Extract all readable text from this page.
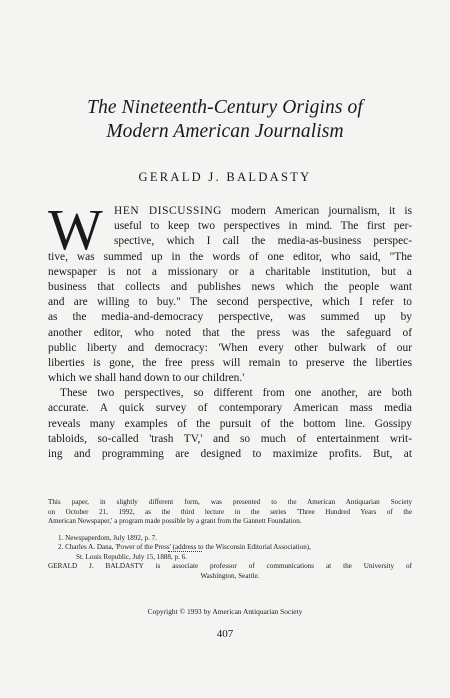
The Nineteenth-Century Origins of
Modern American Journalism
GERALD J. BALDASTY
W HEN DISCUSSING modern American journalism, it is
useful to keep two perspectives in mind. The first per-
spective, which I call the media-as-business perspec-
tive, was summed up in the words of one editor, who said, "The
newspaper is not a missionary or a charitable institution, but a
business that collects and publishes news which the people want
and are willing to buy." The second perspective, which I refer to
as the media-and-democracy perspective, was summed up by
another editor, who noted that the press was the safeguard of
public liberty and democracy: 'When every other bulwark of our
liberties is gone, the free press will remain to preserve the liberties
which we shall hand down to our children.'
These two perspectives, so different from one another, are both
accurate. A quick survey of contemporary American mass media
reveals many examples of the pursuit of the bottom line. Gossipy
tabloids, so-called 'trash TV,' and so much of entertainment writ-
ing and programming are designed to maximize profits. But, at
This paper, in slightly different form, was presented to the American Antiquarian Society
on October 21, 1992, as the third lecture in the series 'Three Hundred Years of the
American Newspaper,' a program made possible by a grant from the Gannett Foundation.
1. Newspaperdom, July 1892, p. 7.
2. Charles A. Dana, 'Power of the Press' (address to the Wisconsin Editorial Association),
St. Louis Republic, July 15, 1888, p. 6.
GERALD J. BALDASTY is associate professor of communications at the University of
Washington, Seattle.
Copyright © 1993 by American Antiquarian Society
407
